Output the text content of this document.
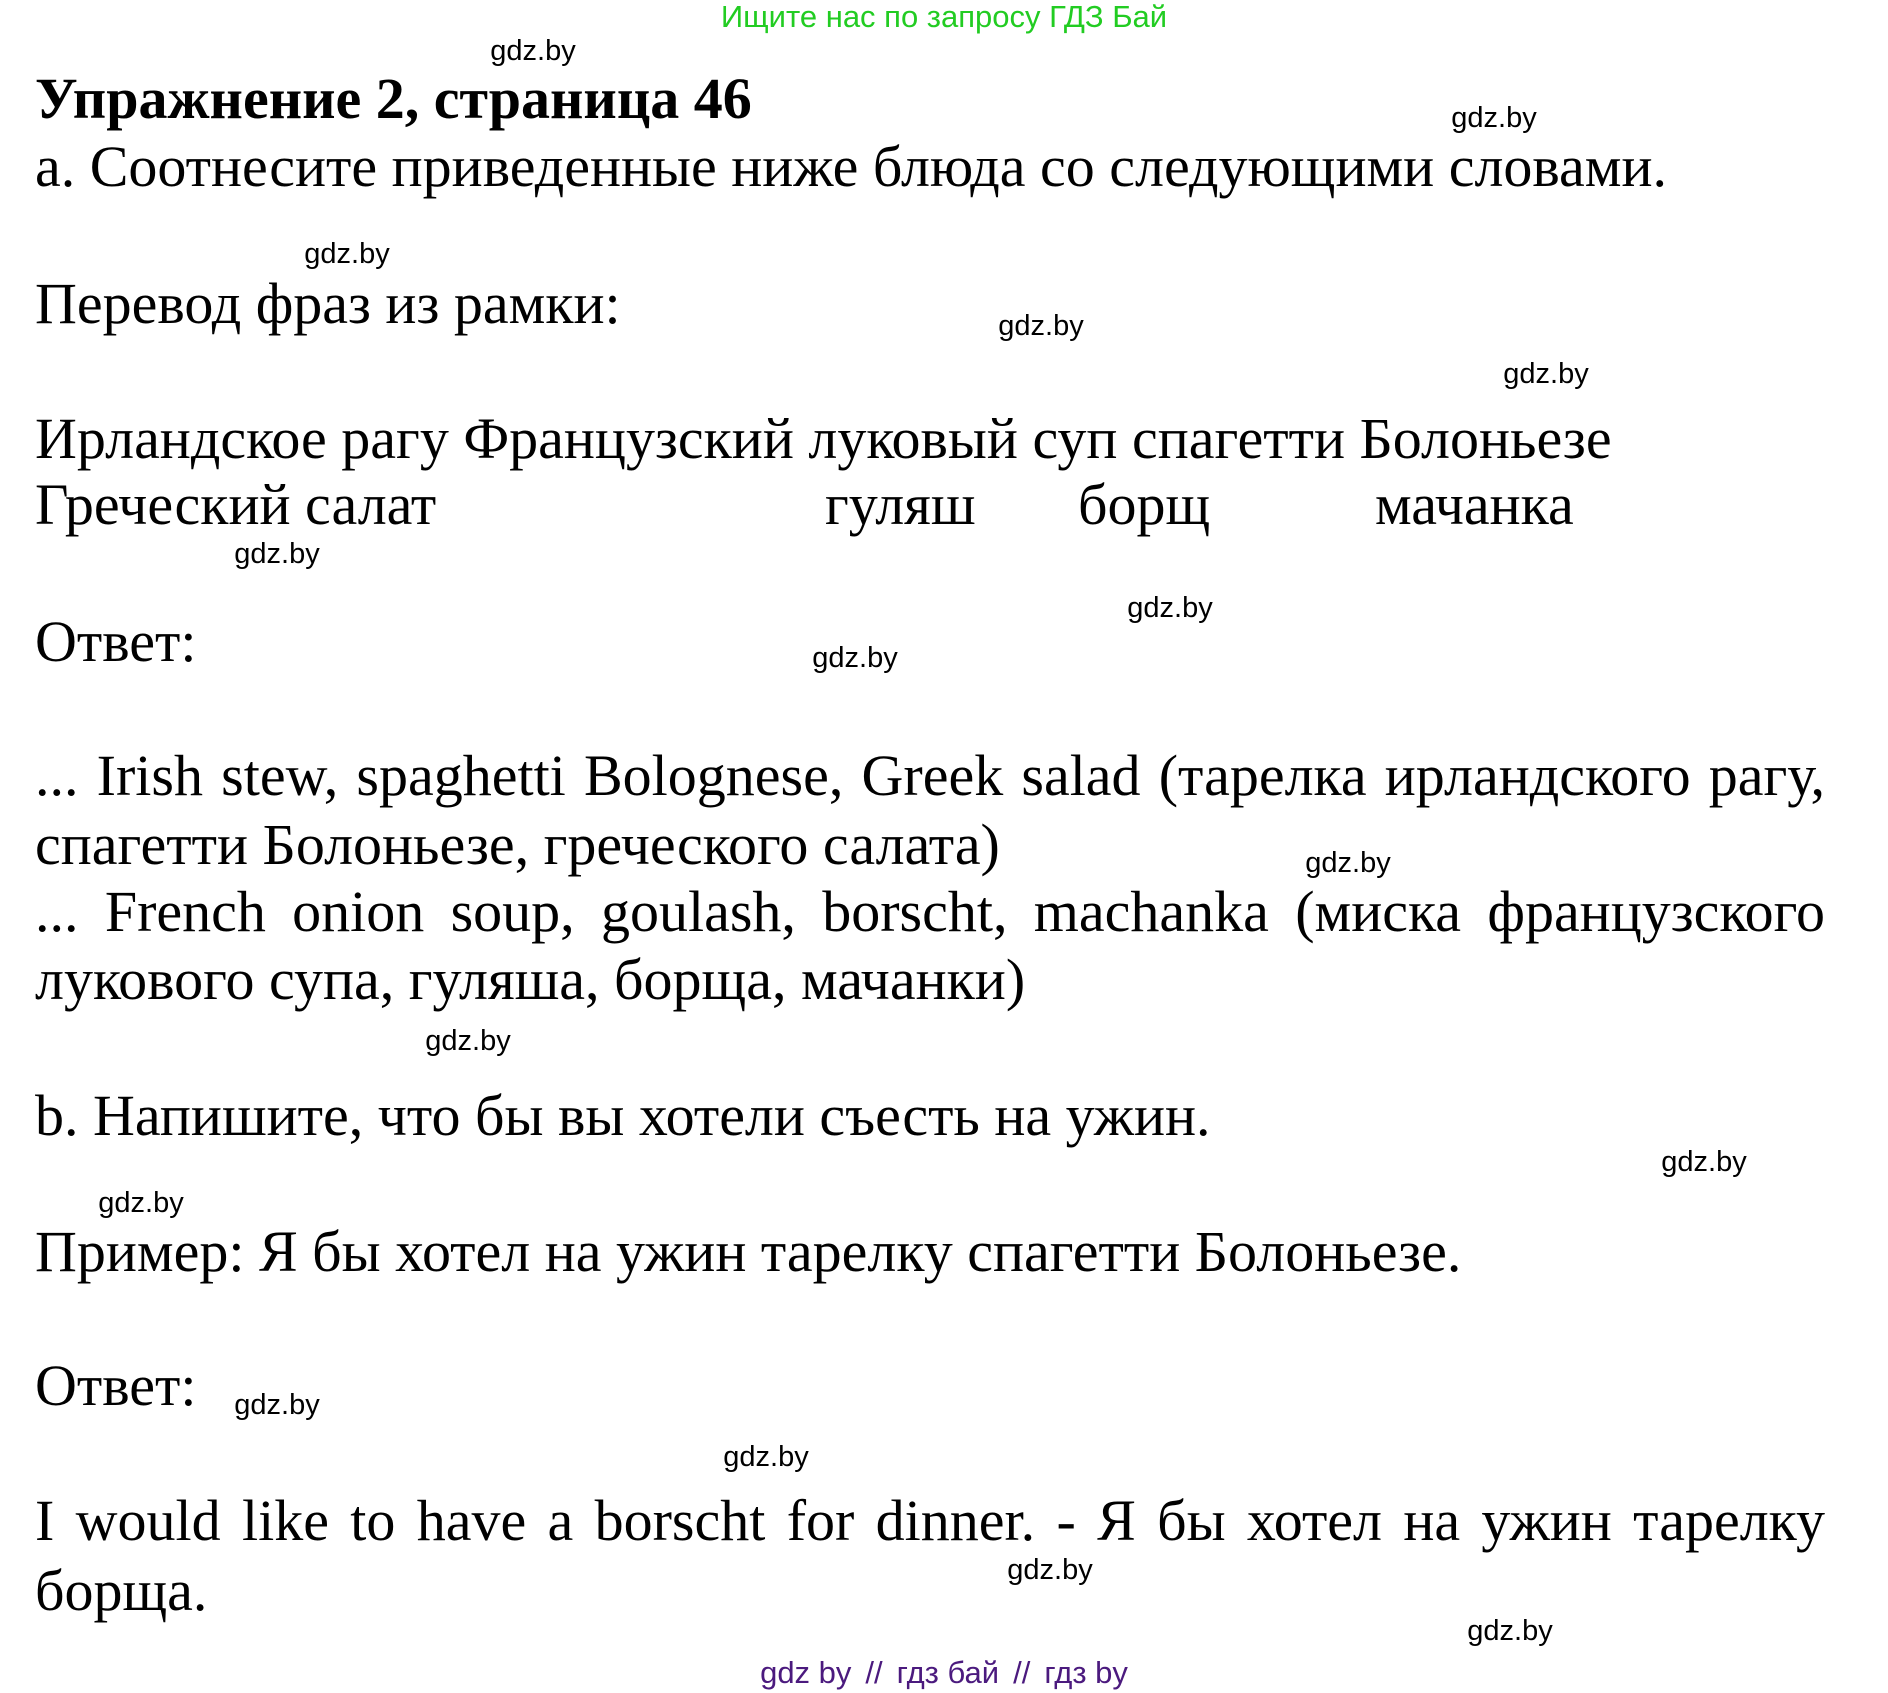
Ищите нас по запросу ГДЗ Бай
Упражнение 2, страница 46
a. Соотнесите приведенные ниже блюда со следующими словами.
Перевод фраз из рамки:
Ирландское рагу Французский луковый суп спагетти Болоньезе
Греческий салат	гуляш борщ	мачанка
Ответ:
... Irish stew, spaghetti Bolognese, Greek salad (тарелка ирландского рагу,
спагетти Болоньезе, греческого салата)
... French onion soup, goulash, borscht, machanka (миска французского
лукового супа, гуляша, борща, мачанки)
b. Напишите, что бы вы хотели съесть на ужин.
Пример: Я бы хотел на ужин тарелку спагетти Болоньезе.
Ответ:
I would like to have a borscht for dinner. - Я бы хотел на ужин тарелку
борща.
gdz.by
gdz.by
gdz.by
gdz.by
gdz.by
gdz.by
gdz.by
gdz.by
gdz.by
gdz.by
gdz.by
gdz.by
gdz.by
gdz.by
gdz.by
gdz.by
gdz by // гдз бай // гдз by
